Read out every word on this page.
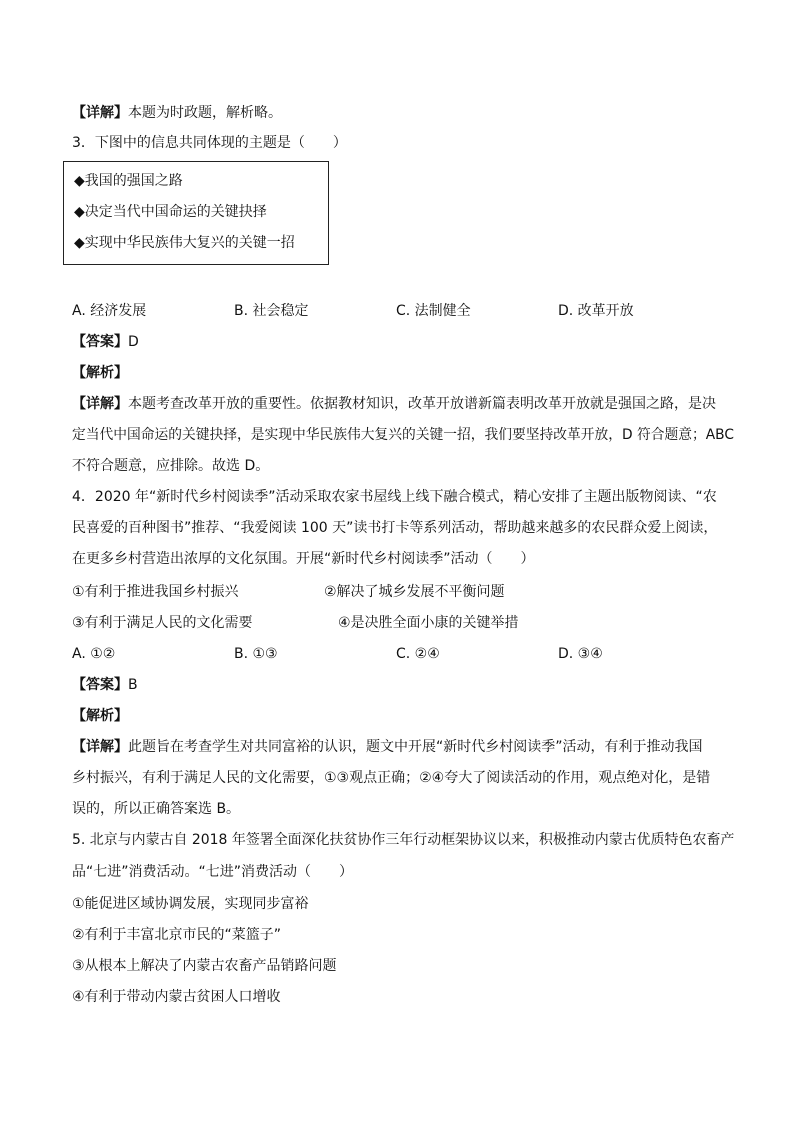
【详解】本题为时政题，解析略。
3．下图中的信息共同体现的主题是（　　）
◆我国的强国之路
◆决定当代中国命运的关键抉择
◆实现中华民族伟大复兴的关键一招
A. 经济发展	B. 社会稳定	C. 法制健全	D. 改革开放
【答案】D
【解析】
【详解】本题考查改革开放的重要性。依据教材知识，改革开放谱新篇表明改革开放就是强国之路，是决
定当代中国命运的关键抉择，是实现中华民族伟大复兴的关键一招，我们要坚持改革开放，D 符合题意；ABC
不符合题意，应排除。故选 D。
4．2020 年“新时代乡村阅读季”活动采取农家书屋线上线下融合模式，精心安排了主题出版物阅读、“农
民喜爱的百种图书”推荐、“我爱阅读 100 天”读书打卡等系列活动，帮助越来越多的农民群众爱上阅读，
在更多乡村营造出浓厚的文化氛围。开展“新时代乡村阅读季”活动（　　）
①有利于推进我国乡村振兴	②解决了城乡发展不平衡问题
③有利于满足人民的文化需要	④是决胜全面小康的关键举措
A. ①②	B. ①③	C. ②④	D. ③④
【答案】B
【解析】
【详解】此题旨在考查学生对共同富裕的认识，题文中开展“新时代乡村阅读季”活动，有利于推动我国
乡村振兴，有利于满足人民的文化需要，①③观点正确；②④夸大了阅读活动的作用，观点绝对化，是错
误的，所以正确答案选 B。
5. 北京与内蒙古自 2018 年签署全面深化扶贫协作三年行动框架协议以来，积极推动内蒙古优质特色农畜产
品“七进”消费活动。“七进”消费活动（　　）
①能促进区域协调发展，实现同步富裕
②有利于丰富北京市民的“菜篮子”
③从根本上解决了内蒙古农畜产品销路问题
④有利于带动内蒙古贫困人口增收
